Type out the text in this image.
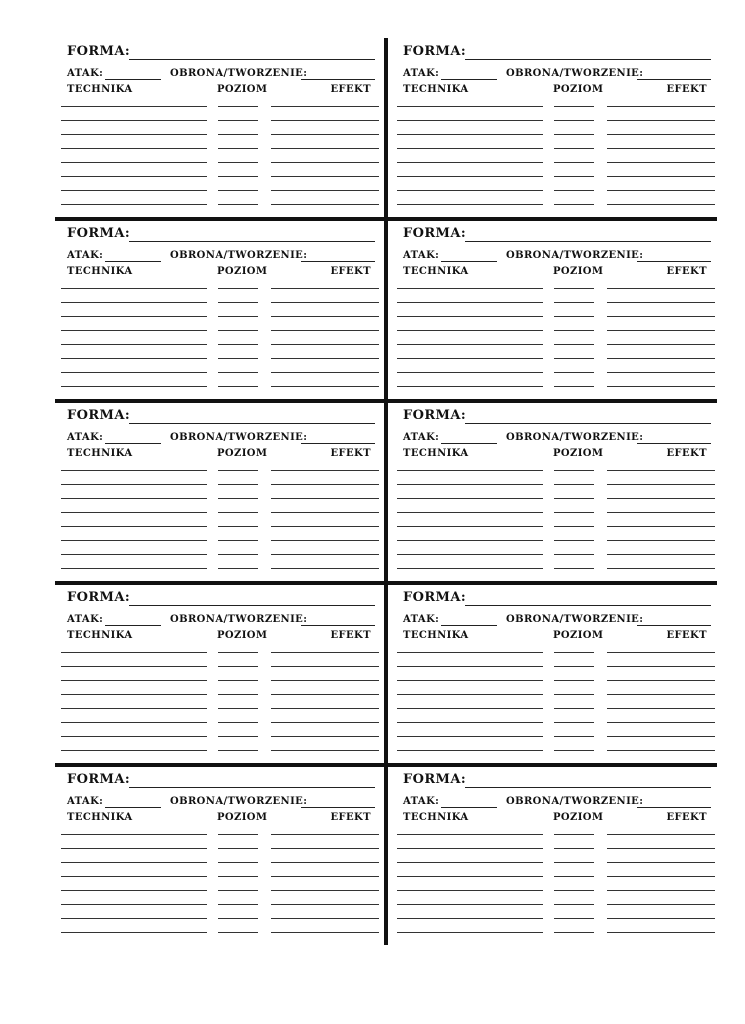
FORMA:
ATAK:	OBRONA/TWORZENIE:
TECHNIKA	POZIOM	EFEKT
FORMA:
ATAK:	OBRONA/TWORZENIE:
TECHNIKA	POZIOM	EFEKT
FORMA:
ATAK:	OBRONA/TWORZENIE:
TECHNIKA	POZIOM	EFEKT
FORMA:
ATAK:	OBRONA/TWORZENIE:
TECHNIKA	POZIOM	EFEKT
FORMA:
ATAK:	OBRONA/TWORZENIE:
TECHNIKA	POZIOM	EFEKT
FORMA:
ATAK:	OBRONA/TWORZENIE:
TECHNIKA	POZIOM	EFEKT
FORMA:
ATAK:	OBRONA/TWORZENIE:
TECHNIKA	POZIOM	EFEKT
FORMA:
ATAK:	OBRONA/TWORZENIE:
TECHNIKA	POZIOM	EFEKT
FORMA:
ATAK:	OBRONA/TWORZENIE:
TECHNIKA	POZIOM	EFEKT
FORMA:
ATAK:	OBRONA/TWORZENIE:
TECHNIKA	POZIOM	EFEKT
